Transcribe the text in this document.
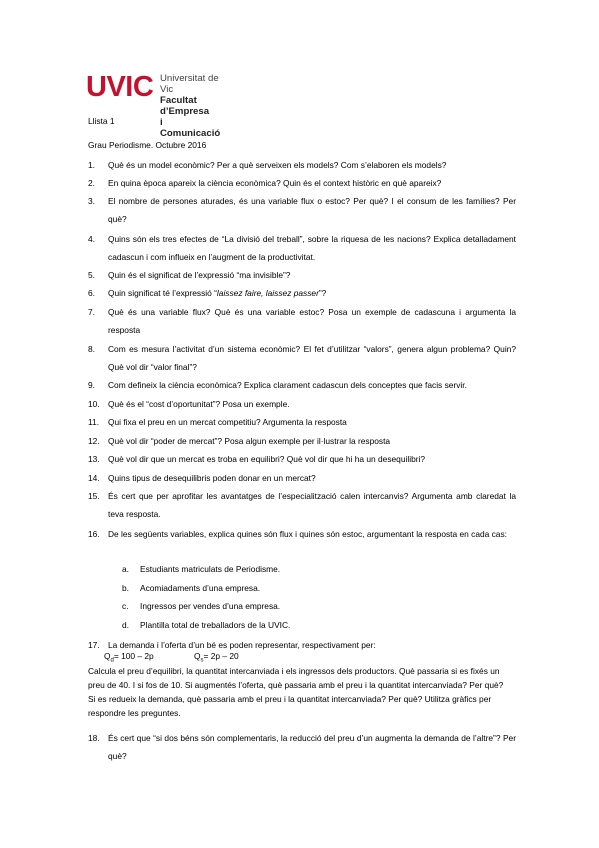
UVIC Universitat de Vic
Facultat d’Empresa
i Comunicació
Llista 1
Grau Periodisme. Octubre 2016
1. Què és un model econòmic? Per a què serveixen els models? Com s’elaboren els models?
2. En quina època apareix la ciència econòmica? Quin és el context històric en què apareix?
3. El nombre de persones aturades, és una variable flux o estoc? Per què? I el consum de les famílies? Per què?
4. Quins són els tres efectes de “La divisió del treball”, sobre la riquesa de les nacions? Explica detalladament cadascun i com influeix en l’augment de la productivitat.
5. Quin és el significat de l’expressió “ma invisible”?
6. Quin significat té l’expressió “laissez faire, laissez passer”?
7. Què és una variable flux? Què és una variable estoc? Posa un exemple de cadascuna i argumenta la resposta
8. Com es mesura l’activitat d’un sistema econòmic? El fet d’utilitzar “valors”, genera algun problema? Quin? Què vol dir “valor final”?
9. Com defineix la ciència econòmica? Explica clarament cadascun dels conceptes que facis servir.
10. Què és el “cost d’oportunitat”? Posa un exemple.
11. Qui fixa el preu en un mercat competitiu? Argumenta la resposta
12. Què vol dir “poder de mercat”? Posa algun exemple per il·lustrar la resposta
13. Què vol dir que un mercat es troba en equilibri? Què vol dir que hi ha un desequilibri?
14. Quins tipus de desequilibris poden donar en un mercat?
15. És cert que per aprofitar les avantatges de l’especialització calen intercanvis? Argumenta amb claredat la teva resposta.
16. De les següents variables, explica quines són flux i quines són estoc, argumentant la resposta en cada cas:
a. Estudiants matriculats de Periodisme.
b. Acomiadaments d’una empresa.
c. Ingressos per vendes d’una empresa.
d. Plantilla total de treballadors de la UVIC.
17. La demanda i l’oferta d’un bé es poden representar, respectivament per:
$Q_d= 100 - 2p$	$Q_s= 2p - 20$
Calcula el preu d’equilibri, la quantitat intercanviada i els ingressos dels productors. Què passaria si es fixés un preu de 40. I si fos de 10. Si augmentés l’oferta, què passaria amb el preu i la quantitat intercanviada? Per què? Si es redueix la demanda, què passaria amb el preu i la quantitat intercanviada? Per què? Utilitza gràfics per respondre les preguntes.
18. És cert que “si dos béns són complementaris, la reducció del preu d’un augmenta la demanda de l’altre”? Per què?
